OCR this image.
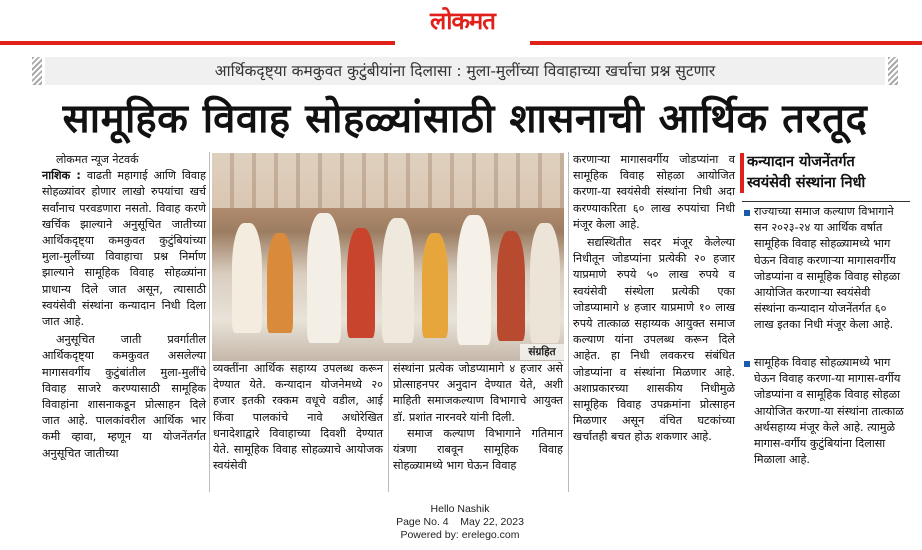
लोकमत
आर्थिकदृष्ट्या कमकुवत कुटुंबीयांना दिलासा : मुला-मुलींच्या विवाहाच्या खर्चाचा प्रश्न सुटणार
सामूहिक विवाह सोहळ्यांसाठी शासनाची आर्थिक तरतूद

लोकमत न्यूज नेटवर्क

नाशिक : वाढती महागाई आणि विवाह सोहळ्यांवर होणार लाखो रुपयांचा खर्च सर्वांनाच परवडणारा नसतो. विवाह करणे खर्चिक झाल्याने अनुसूचित जातीच्या आर्थिकदृष्ट्या कमकुवत कुटुंबियांच्या मुला-मुलींच्या विवाहाचा प्रश्न निर्माण झाल्याने सामूहिक विवाह सोहळ्यांना प्राधान्य दिले जात असून, त्यासाठी स्वयंसेवी संस्थांना कन्यादान निधी दिला जात आहे.

अनुसूचित जाती प्रवर्गातील आर्थिकदृष्ट्या कमकुवत असलेल्या मागासवर्गीय कुटुंबांतील मुला-मुलींचे विवाह साजरे करण्यासाठी सामूहिक विवाहांना शासनाकडून प्रोत्साहन दिले जात आहे. पालकांवरील आर्थिक भार कमी व्हावा, म्हणून या योजनेंतर्गत अनुसूचित जातीच्या

संग्रहित

व्यक्तींना आर्थिक सहाय्य उपलब्ध करून देण्यात येते. कन्यादान योजनेमध्ये २० हजार इतकी रक्कम वधूचे वडील, आई किंवा पालकांचे नावे अधोरेखित धनादेशाद्वारे विवाहाच्या दिवशी देण्यात येते. सामूहिक विवाह सोहळ्याचे आयोजक स्वयंसेवी

संस्थांना प्रत्येक जोडप्यामागे ४ हजार असे प्रोत्साहनपर अनुदान देण्यात येते, अशी माहिती समाजकल्याण विभागाचे आयुक्त डॉ. प्रशांत नारनवरे यांनी दिली.

समाज कल्याण विभागाने गतिमान यंत्रणा राबवून सामूहिक विवाह सोहळ्यामध्ये भाग घेऊन विवाह

करणाऱ्या मागासवर्गीय जोडप्यांना व सामूहिक विवाह सोहळा आयोजित करणा-या स्वयंसेवी संस्थांना निधी अदा करण्याकरिता ६० लाख रुपयांचा निधी मंजूर केला आहे.

सद्यस्थितीत सदर मंजूर केलेल्या निधीतून जोडप्यांना प्रत्येकी २० हजार याप्रमाणे रुपये ५० लाख रुपये व स्वयंसेवी संस्थेला प्रत्येकी एका जोडप्यामागे ४ हजार याप्रमाणे १० लाख रुपये तात्काळ सहाय्यक आयुक्त समाज कल्याण यांना उपलब्ध करून दिले आहेत. हा निधी लवकरच संबंधित जोडप्यांना व संस्थांना मिळणार आहे. अशाप्रकारच्या शासकीय निधीमुळे सामूहिक विवाह उपक्रमांना प्रोत्साहन मिळणार असून वंचित घटकांच्या खर्चातही बचत होऊ शकणार आहे.

कन्यादान योजनेंतर्गत
स्वयंसेवी संस्थांना निधी
राज्याच्या समाज कल्याण विभागाने सन २०२३-२४ या आर्थिक वर्षात सामूहिक विवाह सोहळ्यामध्ये भाग घेऊन विवाह करणाऱ्या मागासवर्गीय जोडप्यांना व सामूहिक विवाह सोहळा आयोजित करणाऱ्या स्वयंसेवी संस्थांना कन्यादान योजनेंतर्गत ६० लाख इतका निधी मंजूर केला आहे.
सामूहिक विवाह सोहळ्यामध्ये भाग घेऊन विवाह करणा-या मागास-वर्गीय जोडप्यांना व सामूहिक विवाह सोहळा आयोजित करणा-या संस्थांना तात्काळ अर्थसहाय्य मंजूर केले आहे. त्यामुळे मागास-वर्गीय कुटुंबियांना दिलासा मिळाला आहे.
Hello Nashik
Page No. 4    May 22, 2023
Powered by: erelego.com
